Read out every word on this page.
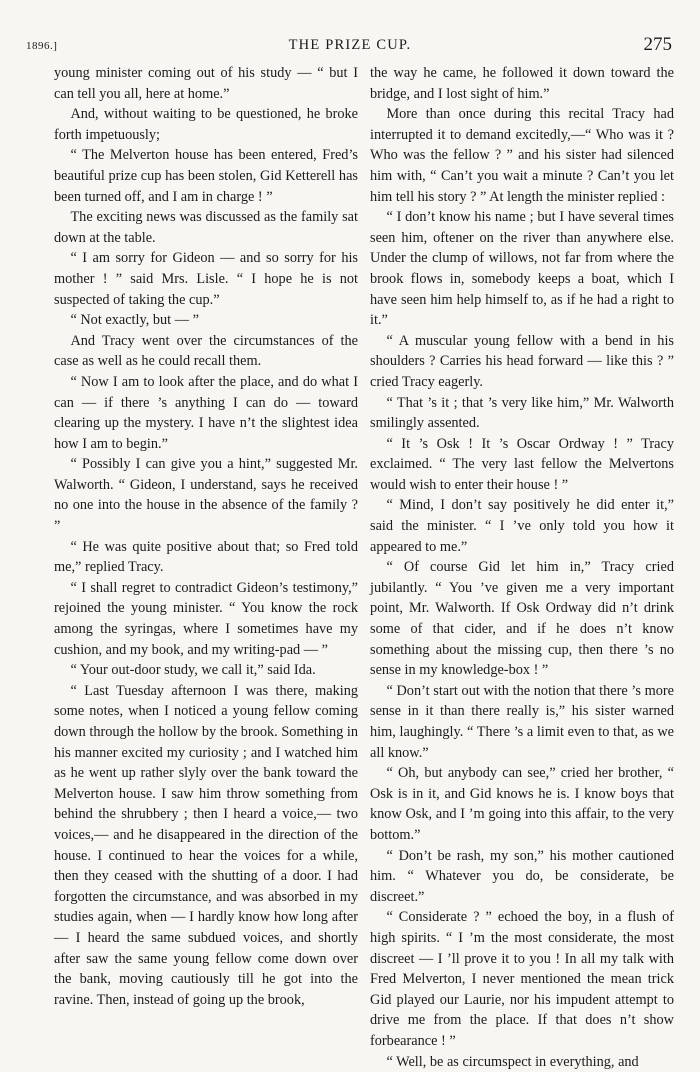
1896.]	THE PRIZE CUP.	275

young minister coming out of his study — “ but I can tell you all, here at home.”

And, without waiting to be questioned, he broke forth impetuously;

“ The Melverton house has been entered, Fred’s beautiful prize cup has been stolen, Gid Ketterell has been turned off, and I am in charge ! ”

The exciting news was discussed as the family sat down at the table.

“ I am sorry for Gideon — and so sorry for his mother ! ” said Mrs. Lisle. “ I hope he is not suspected of taking the cup.”

“ Not exactly, but — ”

And Tracy went over the circumstances of the case as well as he could recall them.

“ Now I am to look after the place, and do what I can — if there ’s anything I can do — toward clearing up the mystery. I have n’t the slightest idea how I am to begin.”

“ Possibly I can give you a hint,” suggested Mr. Walworth. “ Gideon, I understand, says he received no one into the house in the absence of the family ? ”

“ He was quite positive about that; so Fred told me,” replied Tracy.

“ I shall regret to contradict Gideon’s testimony,” rejoined the young minister. “ You know the rock among the syringas, where I sometimes have my cushion, and my book, and my writing-pad — ”

“ Your out-door study, we call it,” said Ida.

“ Last Tuesday afternoon I was there, making some notes, when I noticed a young fellow coming down through the hollow by the brook. Something in his manner excited my curiosity ; and I watched him as he went up rather slyly over the bank toward the Melverton house. I saw him throw something from behind the shrubbery ; then I heard a voice,— two voices,— and he disappeared in the direction of the house. I continued to hear the voices for a while, then they ceased with the shutting of a door. I had forgotten the circumstance, and was absorbed in my studies again, when — I hardly know how long after — I heard the same subdued voices, and shortly after saw the same young fellow come down over the bank, moving cautiously till he got into the ravine. Then, instead of going up the brook,

the way he came, he followed it down toward the bridge, and I lost sight of him.”

More than once during this recital Tracy had interrupted it to demand excitedly,—“ Who was it ? Who was the fellow ? ” and his sister had silenced him with, “ Can’t you wait a minute ? Can’t you let him tell his story ? ” At length the minister replied :

“ I don’t know his name ; but I have several times seen him, oftener on the river than anywhere else. Under the clump of willows, not far from where the brook flows in, somebody keeps a boat, which I have seen him help himself to, as if he had a right to it.”

“ A muscular young fellow with a bend in his shoulders ? Carries his head forward — like this ? ” cried Tracy eagerly.

“ That ’s it ; that ’s very like him,” Mr. Walworth smilingly assented.

“ It ’s Osk ! It ’s Oscar Ordway ! ” Tracy exclaimed. “ The very last fellow the Melvertons would wish to enter their house ! ”

“ Mind, I don’t say positively he did enter it,” said the minister. “ I ’ve only told you how it appeared to me.”

“ Of course Gid let him in,” Tracy cried jubilantly. “ You ’ve given me a very important point, Mr. Walworth. If Osk Ordway did n’t drink some of that cider, and if he does n’t know something about the missing cup, then there ’s no sense in my knowledge-box ! ”

“ Don’t start out with the notion that there ’s more sense in it than there really is,” his sister warned him, laughingly. “ There ’s a limit even to that, as we all know.”

“ Oh, but anybody can see,” cried her brother, “ Osk is in it, and Gid knows he is. I know boys that know Osk, and I ’m going into this affair, to the very bottom.”

“ Don’t be rash, my son,” his mother cautioned him. “ Whatever you do, be considerate, be discreet.”

“ Considerate ? ” echoed the boy, in a flush of high spirits. “ I ’m the most considerate, the most discreet — I ’ll prove it to you ! In all my talk with Fred Melverton, I never mentioned the mean trick Gid played our Laurie, nor his impudent attempt to drive me from the place. If that does n’t show forbearance ! ”

“ Well, be as circumspect in everything, and
